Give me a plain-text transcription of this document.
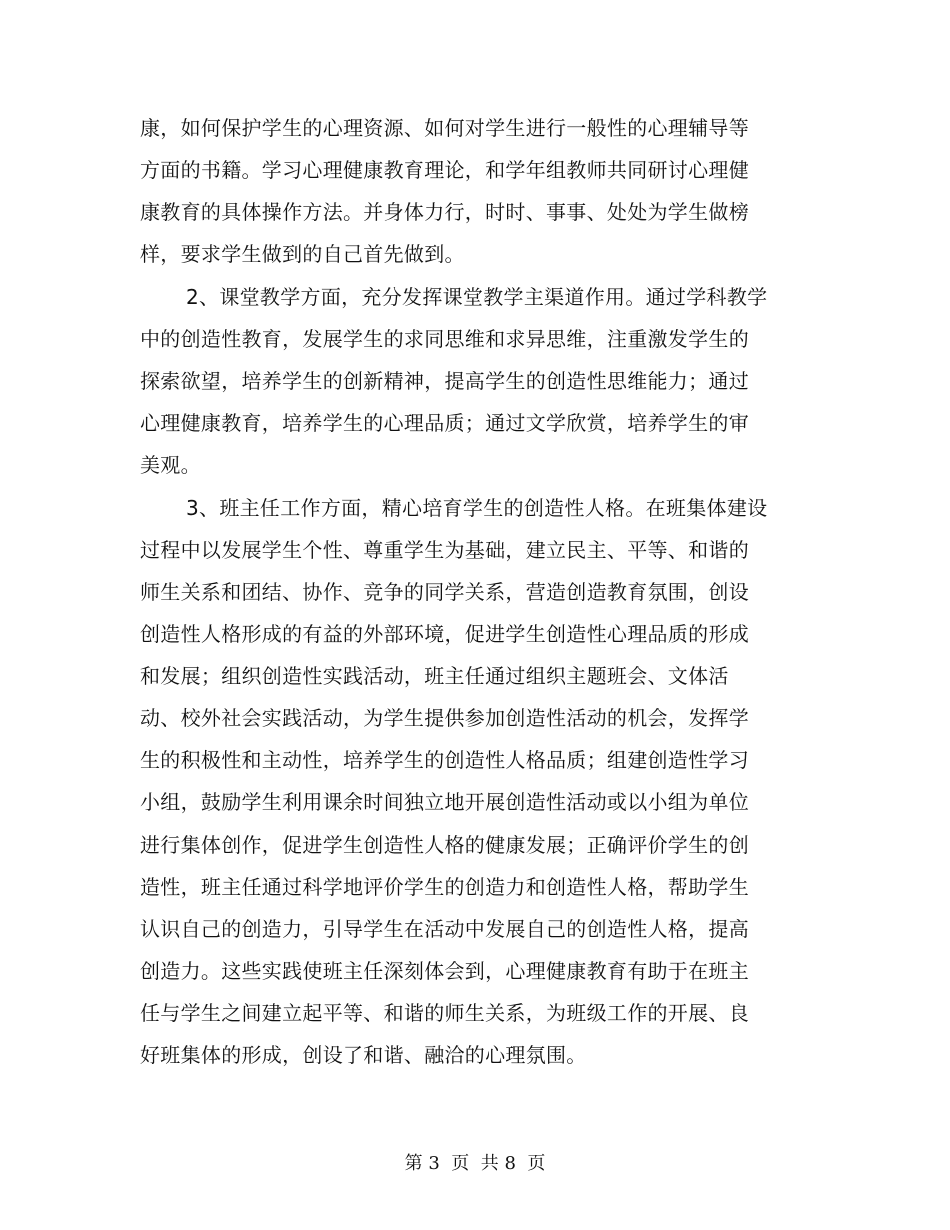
康，如何保护学生的心理资源、如何对学生进行一般性的心理辅导等
方面的书籍。学习心理健康教育理论，和学年组教师共同研讨心理健
康教育的具体操作方法。并身体力行，时时、事事、处处为学生做榜
样，要求学生做到的自己首先做到。
2、课堂教学方面，充分发挥课堂教学主渠道作用。通过学科教学
中的创造性教育，发展学生的求同思维和求异思维，注重激发学生的
探索欲望，培养学生的创新精神，提高学生的创造性思维能力；通过
心理健康教育，培养学生的心理品质；通过文学欣赏，培养学生的审
美观。
3、班主任工作方面，精心培育学生的创造性人格。在班集体建设
过程中以发展学生个性、尊重学生为基础，建立民主、平等、和谐的
师生关系和团结、协作、竞争的同学关系，营造创造教育氛围，创设
创造性人格形成的有益的外部环境，促进学生创造性心理品质的形成
和发展；组织创造性实践活动，班主任通过组织主题班会、文体活
动、校外社会实践活动，为学生提供参加创造性活动的机会，发挥学
生的积极性和主动性，培养学生的创造性人格品质；组建创造性学习
小组，鼓励学生利用课余时间独立地开展创造性活动或以小组为单位
进行集体创作，促进学生创造性人格的健康发展；正确评价学生的创
造性，班主任通过科学地评价学生的创造力和创造性人格，帮助学生
认识自己的创造力，引导学生在活动中发展自己的创造性人格，提高
创造力。这些实践使班主任深刻体会到，心理健康教育有助于在班主
任与学生之间建立起平等、和谐的师生关系，为班级工作的开展、良
好班集体的形成，创设了和谐、融洽的心理氛围。
第 3  页  共 8  页
